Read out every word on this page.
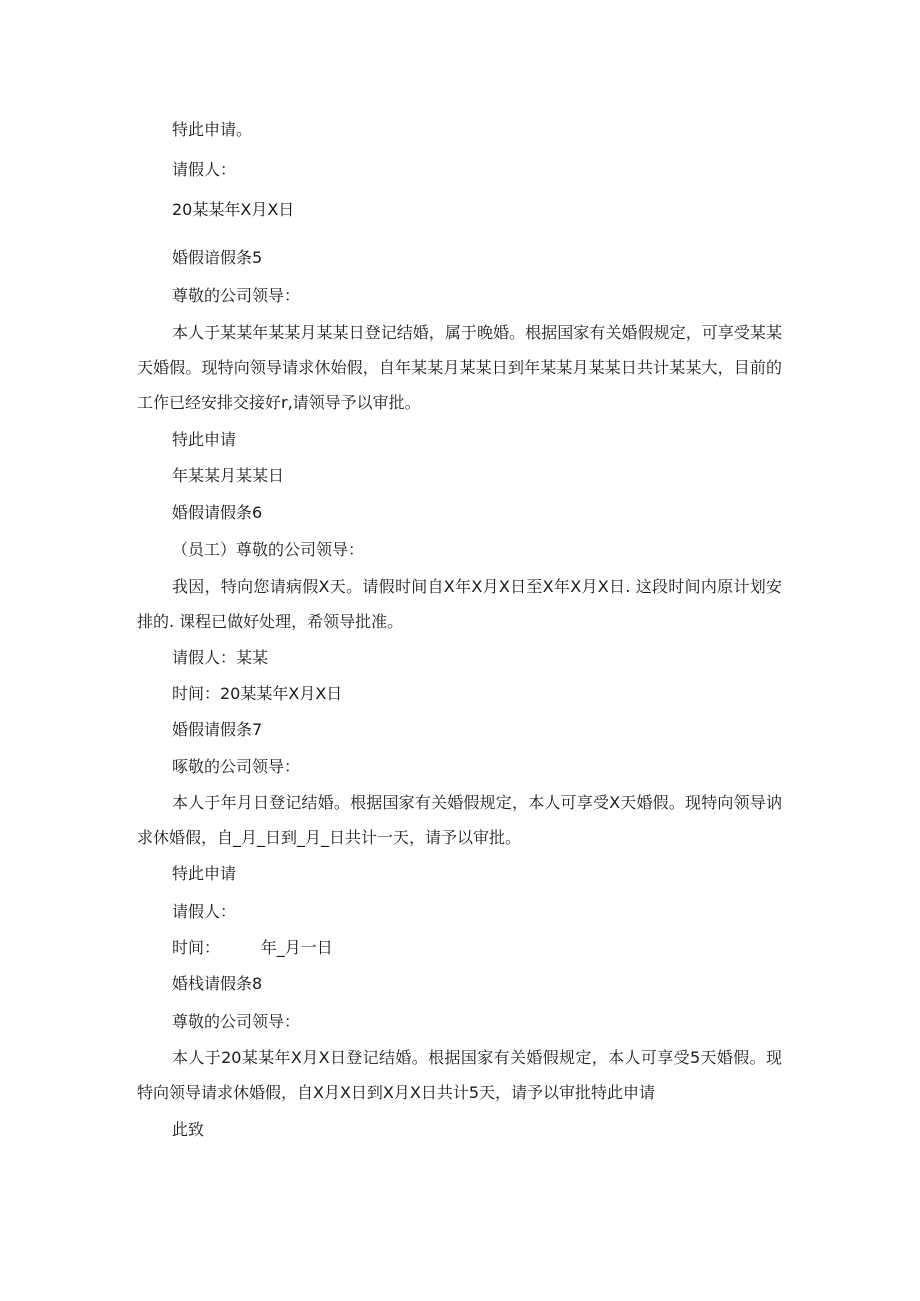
特此申请。
请假人：
20某某年X月X日
婚假谙假条5
尊敬的公司领导：
本人于某某年某某月某某日登记结婚，属于晚婚。根据国家有关婚假规定，可享受某某天婚假。现特向领导请求休始假，自年某某月某某日到年某某月某某日共计某某大，目前的工作已经安排交接好r,请领导予以审批。
特此申请
年某某月某某日
婚假请假条6
（员工）尊敬的公司领导：
我因，特向您请病假X天。请假时间自X年X月X日至X年X月X日. 这段时间内原计划安排的. 课程已做好处理，希领导批准。
请假人：某某
时间：20某某年X月X日
婚假请假条7
啄敬的公司领导：
本人于年月日登记结婚。根据国家有关婚假规定，本人可享受X天婚假。现特向领导讷求休婚假，自_月_日到_月_日共计一天，请予以审批。
特此申请
请假人：
时间：        年_月一日
婚栈请假条8
尊敬的公司领导：
本人于20某某年X月X日登记结婚。根据国家有关婚假规定，本人可享受5天婚假。现特向领导请求休婚假，自X月X日到X月X日共计5天，请予以审批特此申请
此致
